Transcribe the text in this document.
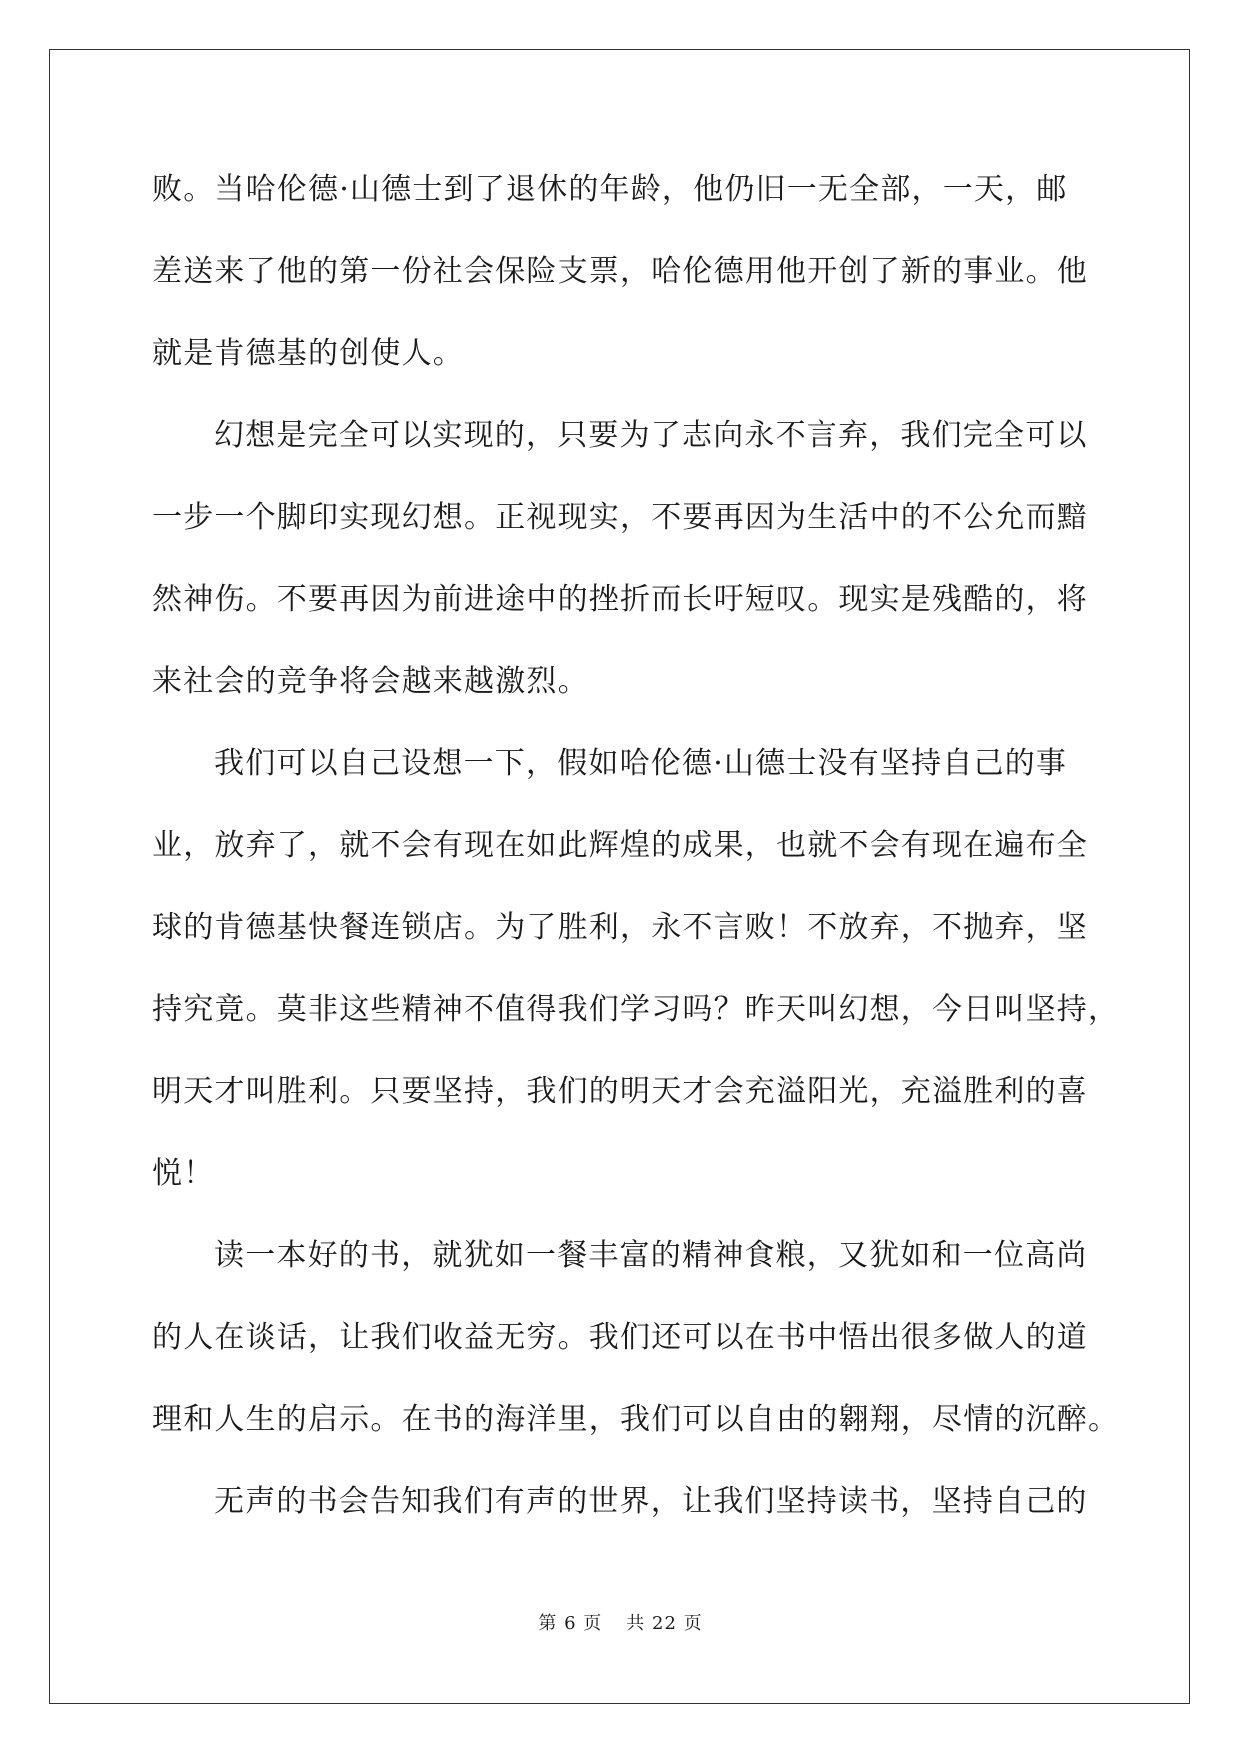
败。当哈伦德·山德士到了退休的年龄，他仍旧一无全部，一天，邮
差送来了他的第一份社会保险支票，哈伦德用他开创了新的事业。他
就是肯德基的创使人。
幻想是完全可以实现的，只要为了志向永不言弃，我们完全可以
一步一个脚印实现幻想。正视现实，不要再因为生活中的不公允而黯
然神伤。不要再因为前进途中的挫折而长吁短叹。现实是残酷的，将
来社会的竞争将会越来越激烈。
我们可以自己设想一下，假如哈伦德·山德士没有坚持自己的事
业，放弃了，就不会有现在如此辉煌的成果，也就不会有现在遍布全
球的肯德基快餐连锁店。为了胜利，永不言败！不放弃，不抛弃，坚
持究竟。莫非这些精神不值得我们学习吗？昨天叫幻想，今日叫坚持，
明天才叫胜利。只要坚持，我们的明天才会充溢阳光，充溢胜利的喜
悦！
读一本好的书，就犹如一餐丰富的精神食粮，又犹如和一位高尚
的人在谈话，让我们收益无穷。我们还可以在书中悟出很多做人的道
理和人生的启示。在书的海洋里，我们可以自由的翱翔，尽情的沉醉。
无声的书会告知我们有声的世界，让我们坚持读书，坚持自己的
第 6 页 共 22 页
